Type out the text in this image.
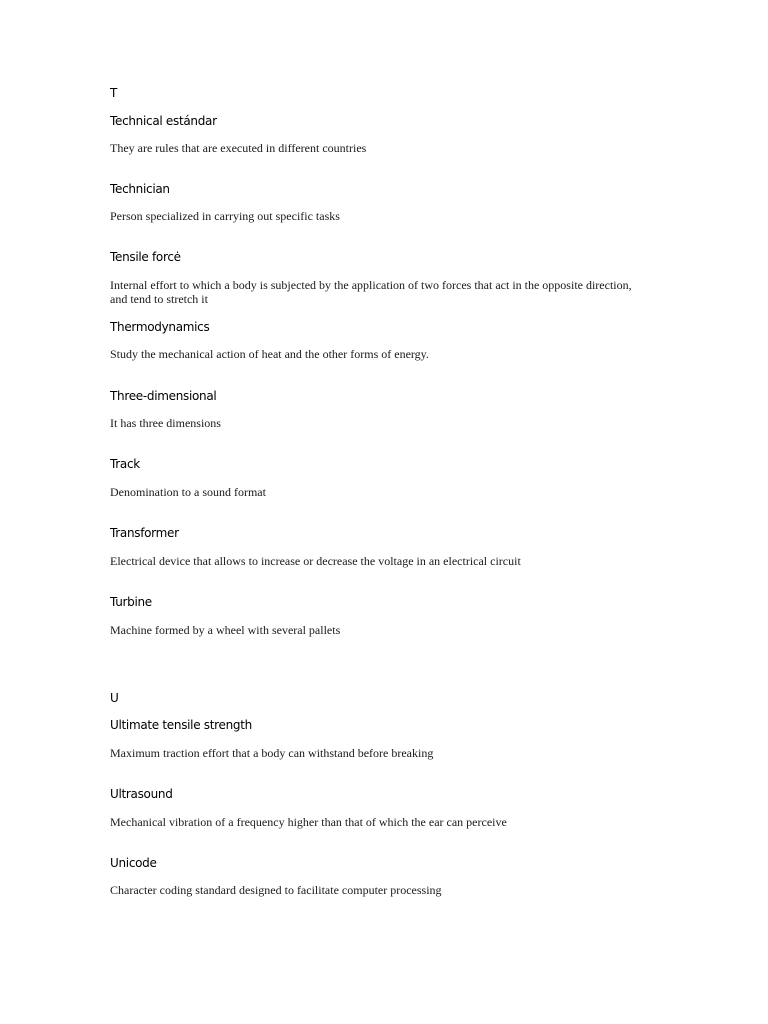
T
Technical estándar
They are rules that are executed in different countries
Technician
Person specialized in carrying out specific tasks
Tensile forcė
Internal effort to which a body is subjected by the application of two forces that act in the opposite direction, and tend to stretch it
Thermodynamics
Study the mechanical action of heat and the other forms of energy.
Three-dimensional
It has three dimensions
Track
Denomination to a sound format
Transformer
Electrical device that allows to increase or decrease the voltage in an electrical circuit
Turbine
Machine formed by a wheel with several pallets
U
Ultimate tensile strength
Maximum traction effort that a body can withstand before breaking
Ultrasound
Mechanical vibration of a frequency higher than that of which the ear can perceive
Unicode
Character coding standard designed to facilitate computer processing
